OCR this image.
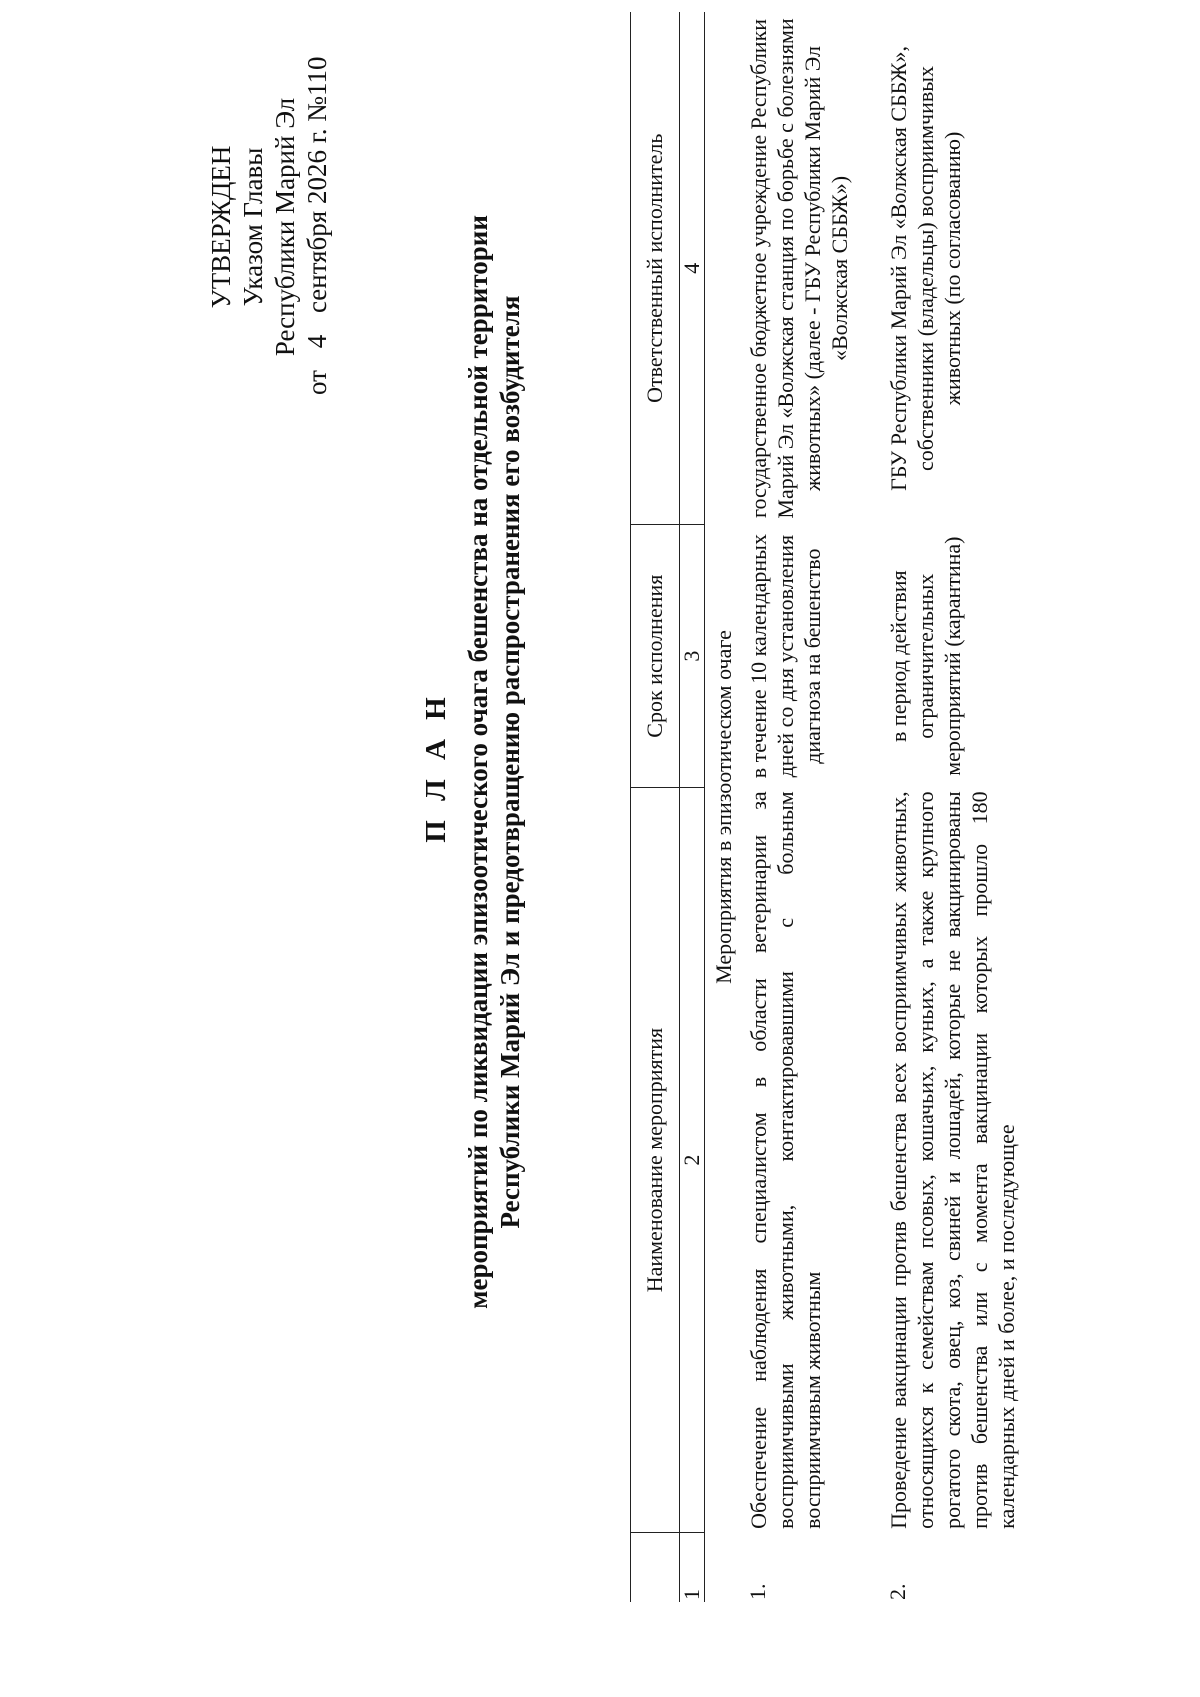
УТВЕРЖДЕН Указом Главы Республики Марий Эл
от  4  сентября 2026 г. №110
П Л А Н мероприятий по ликвидации эпизоотического очага бешенства на отдельной территории Республики Марий Эл и предотвращению распространения его возбудителя
		Наименование мероприятия	Срок исполнения	Ответственный исполнитель
1	2	3	4
Мероприятия в эпизоотическом очаге			
1.	Обеспечение наблюдения специалистом в области ветеринарии за восприимчивыми животными, контактировавшими с больным восприимчивым животным	в течение 10 календарных дней со дня установления диагноза на бешенство	государственное бюджетное учреждение Республики Марий Эл «Волжская станция по борьбе с болезнями животных» (далее - ГБУ Республики Марий Эл «Волжская СББЖ»)
2.	Проведение вакцинации против бешенства всех восприимчивых животных, относящихся к семействам псовых, кошачьих, куньих, а также крупного рогатого скота, овец, коз, свиней и лошадей, которые не вакцинированы против бешенства или с момента вакцинации которых прошло 180 календарных дней и более, и последующее	в период действия ограничительных мероприятий (карантина)	ГБУ Республики Марий Эл «Волжская СББЖ», собственники (владельцы) восприимчивых животных (по согласованию)
